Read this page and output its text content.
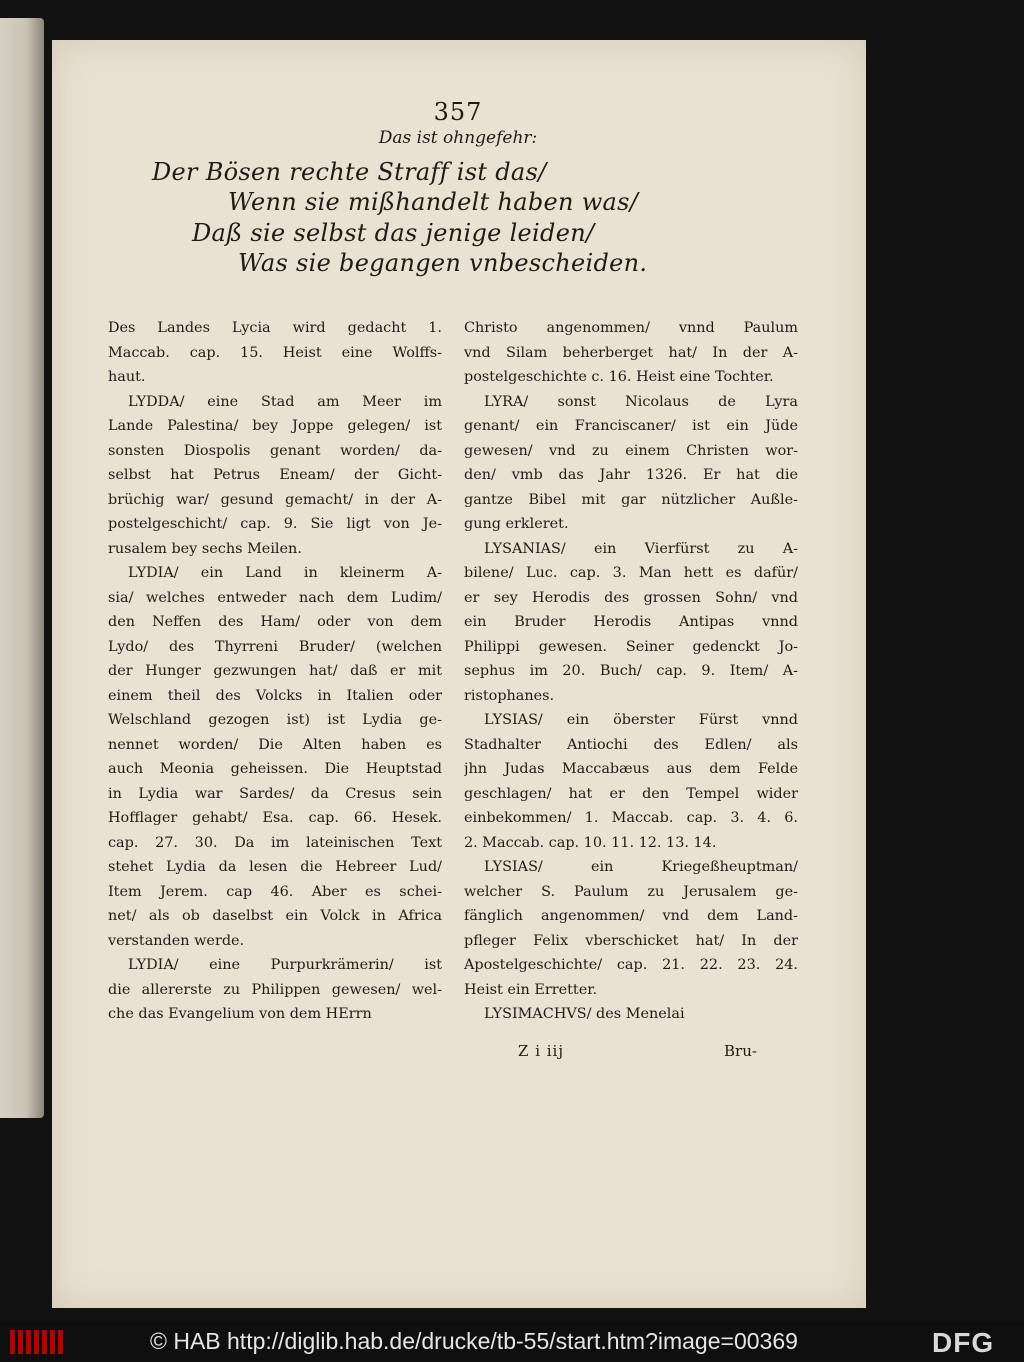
357
Das ist ohngefehr:
Der Bösen rechte Straff ist das/
Wenn sie mißhandelt haben was/
Daß sie selbst das jenige leiden/
Was sie begangen vnbescheiden.
Des Landes Lycia wird gedacht 1.
Maccab. cap. 15. Heist eine Wolffs-
haut.
LYDDA/ eine Stad am Meer im
Lande Palestina/ bey Joppe gelegen/ ist
sonsten Diospolis genant worden/ da-
selbst hat Petrus Eneam/ der Gicht-
brüchig war/ gesund gemacht/ in der A-
postelgeschicht/ cap. 9. Sie ligt von Je-
rusalem bey sechs Meilen.
LYDIA/ ein Land in kleinerm A-
sia/ welches entweder nach dem Ludim/
den Neffen des Ham/ oder von dem
Lydo/ des Thyrreni Bruder/ (welchen
der Hunger gezwungen hat/ daß er mit
einem theil des Volcks in Italien oder
Welschland gezogen ist) ist Lydia ge-
nennet worden/ Die Alten haben es
auch Meonia geheissen. Die Heuptstad
in Lydia war Sardes/ da Cresus sein
Hofflager gehabt/ Esa. cap. 66. Hesek.
cap. 27. 30. Da im lateinischen Text
stehet Lydia da lesen die Hebreer Lud/
Item Jerem. cap 46. Aber es schei-
net/ als ob daselbst ein Volck in Africa
verstanden werde.
LYDIA/ eine Purpurkrämerin/ ist
die allererste zu Philippen gewesen/ wel-
che das Evangelium von dem HErrn
Christo angenommen/ vnnd Paulum
vnd Silam beherberget hat/ In der A-
postelgeschichte c. 16. Heist eine Tochter.
LYRA/ sonst Nicolaus de Lyra
genant/ ein Franciscaner/ ist ein Jüde
gewesen/ vnd zu einem Christen wor-
den/ vmb das Jahr 1326. Er hat die
gantze Bibel mit gar nützlicher Außle-
gung erkleret.
LYSANIAS/ ein Vierfürst zu A-
bilene/ Luc. cap. 3. Man hett es dafür/
er sey Herodis des grossen Sohn/ vnd
ein Bruder Herodis Antipas vnnd
Philippi gewesen. Seiner gedenckt Jo-
sephus im 20. Buch/ cap. 9. Item/ A-
ristophanes.
LYSIAS/ ein öberster Fürst vnnd
Stadhalter Antiochi des Edlen/ als
jhn Judas Maccabæus aus dem Felde
geschlagen/ hat er den Tempel wider
einbekommen/ 1. Maccab. cap. 3. 4. 6.
2. Maccab. cap. 10. 11. 12. 13. 14.
LYSIAS/ ein Kriegeßheuptman/
welcher S. Paulum zu Jerusalem ge-
fänglich angenommen/ vnd dem Land-
pfleger Felix vberschicket hat/ In der
Apostelgeschichte/ cap. 21. 22. 23. 24.
Heist ein Erretter.
LYSIMACHVS/ des Menelai
Z i iij	Bru-
© HAB http://diglib.hab.de/drucke/tb-55/start.htm?image=00369	DFG
